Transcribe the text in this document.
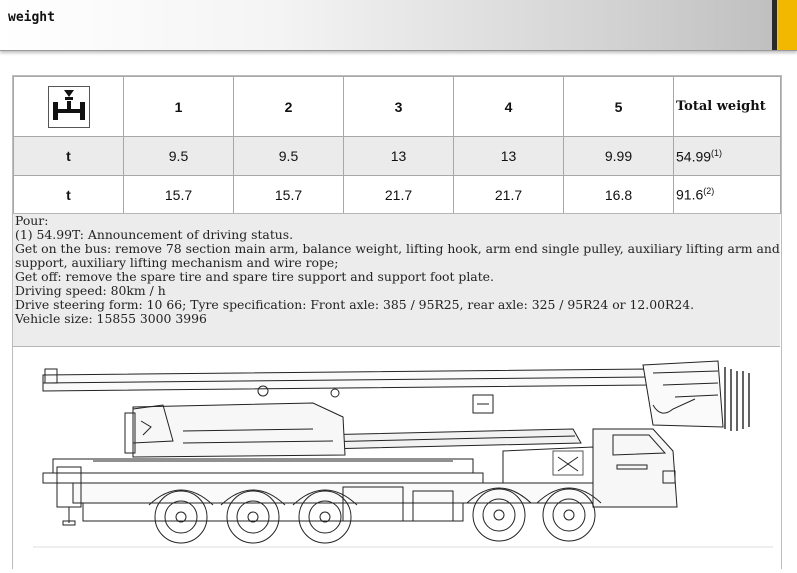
weight
	1	2	3	4	5	Total weight
t	9.5	9.5	13	13	9.99	54.99$^{(1)}$
t	15.7	15.7	21.7	21.7	16.8	91.6$^{(2)}$
Pour:
(1) 54.99T: Announcement of driving status.
Get on the bus: remove 78 section main arm, balance weight, lifting hook, arm end single pulley, auxiliary lifting arm and support, auxiliary lifting mechanism and wire rope;
Get off: remove the spare tire and spare tire support and support foot plate.
Driving speed: 80km / h
Drive steering form: 10 66; Tyre specification: Front axle: 385 / 95R25, rear axle: 325 / 95R24 or 12.00R24.
Vehicle size: 15855 3000 3996
